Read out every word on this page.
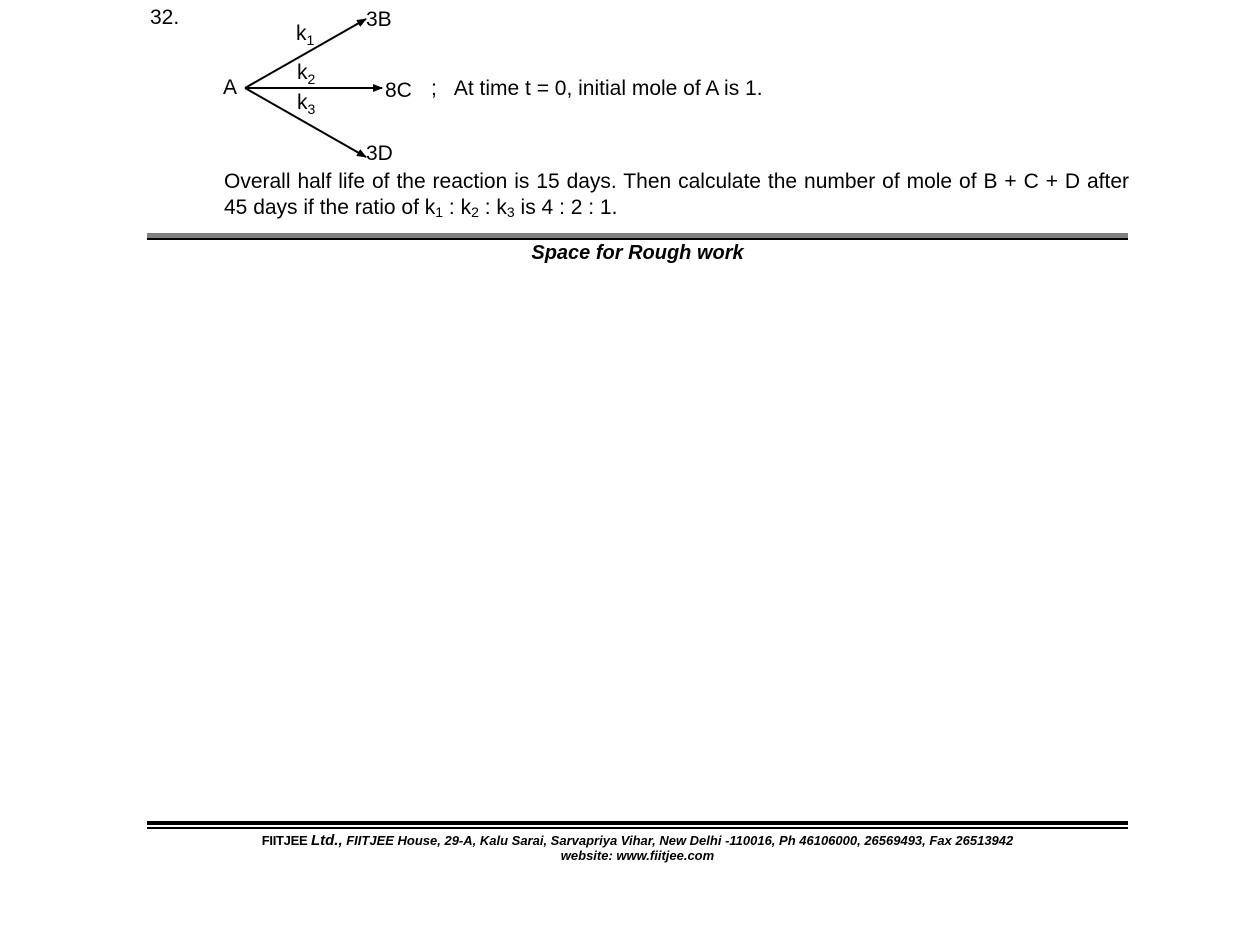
32.
A
$k_1$
$k_2$
$k_3$
3B
8C
3D
; At time t = 0, initial mole of A is 1.
Overall half life of the reaction is 15 days. Then calculate the number of mole of B + C + D after 45 days if the ratio of $k_1$ : $k_2$ : $k_3$ is 4 : 2 : 1.
Space for Rough work
FIITJEE Ltd., FIITJEE House, 29-A, Kalu Sarai, Sarvapriya Vihar, New Delhi -110016, Ph 46106000, 26569493, Fax 26513942
website: www.fiitjee.com
